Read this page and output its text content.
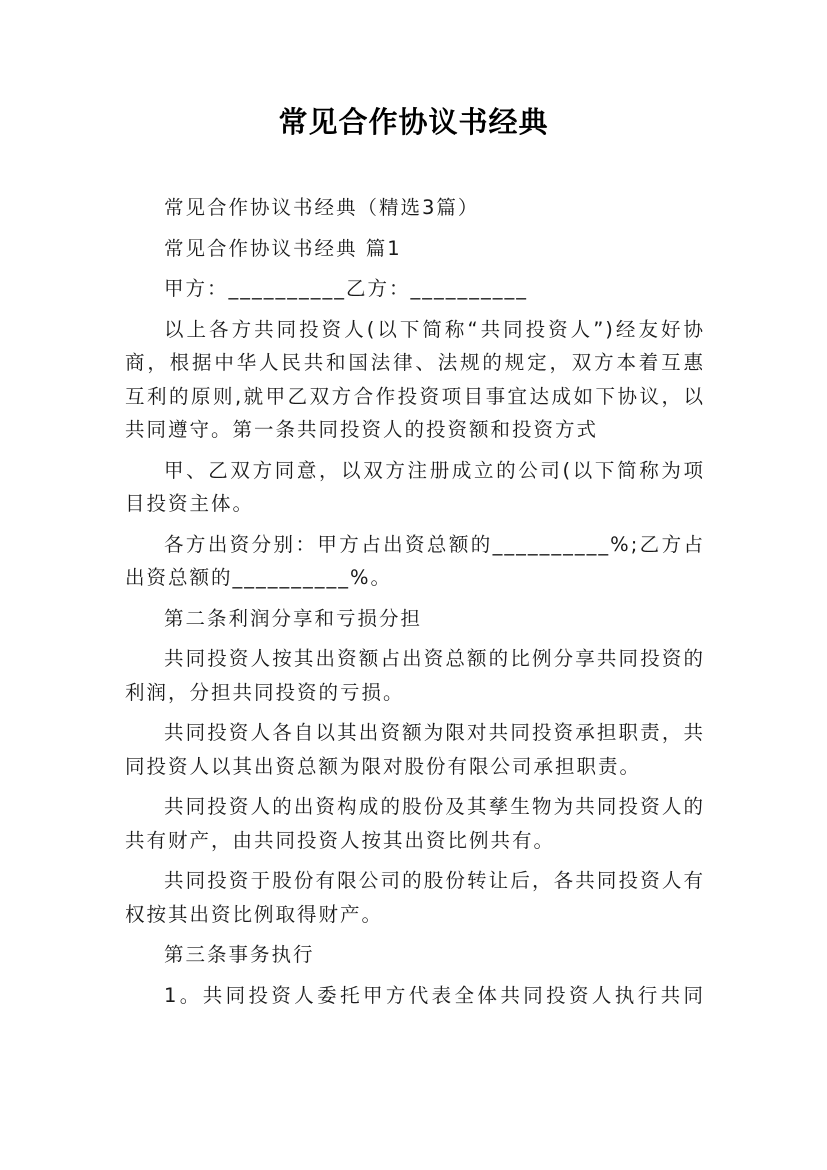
常见合作协议书经典

常见合作协议书经典（精选3篇）

常见合作协议书经典 篇1

甲方：__________乙方：__________

以上各方共同投资人(以下简称“共同投资人”)经友好协商，根据中华人民共和国法律、法规的规定，双方本着互惠互利的原则,就甲乙双方合作投资项目事宜达成如下协议，以共同遵守。第一条共同投资人的投资额和投资方式

甲、乙双方同意，以双方注册成立的公司(以下简称为项目投资主体。

各方出资分别：甲方占出资总额的__________%;乙方占出资总额的__________%。

第二条利润分享和亏损分担

共同投资人按其出资额占出资总额的比例分享共同投资的利润，分担共同投资的亏损。

共同投资人各自以其出资额为限对共同投资承担职责，共同投资人以其出资总额为限对股份有限公司承担职责。

共同投资人的出资构成的股份及其孳生物为共同投资人的共有财产，由共同投资人按其出资比例共有。

共同投资于股份有限公司的股份转让后，各共同投资人有权按其出资比例取得财产。

第三条事务执行

1。共同投资人委托甲方代表全体共同投资人执行共同
